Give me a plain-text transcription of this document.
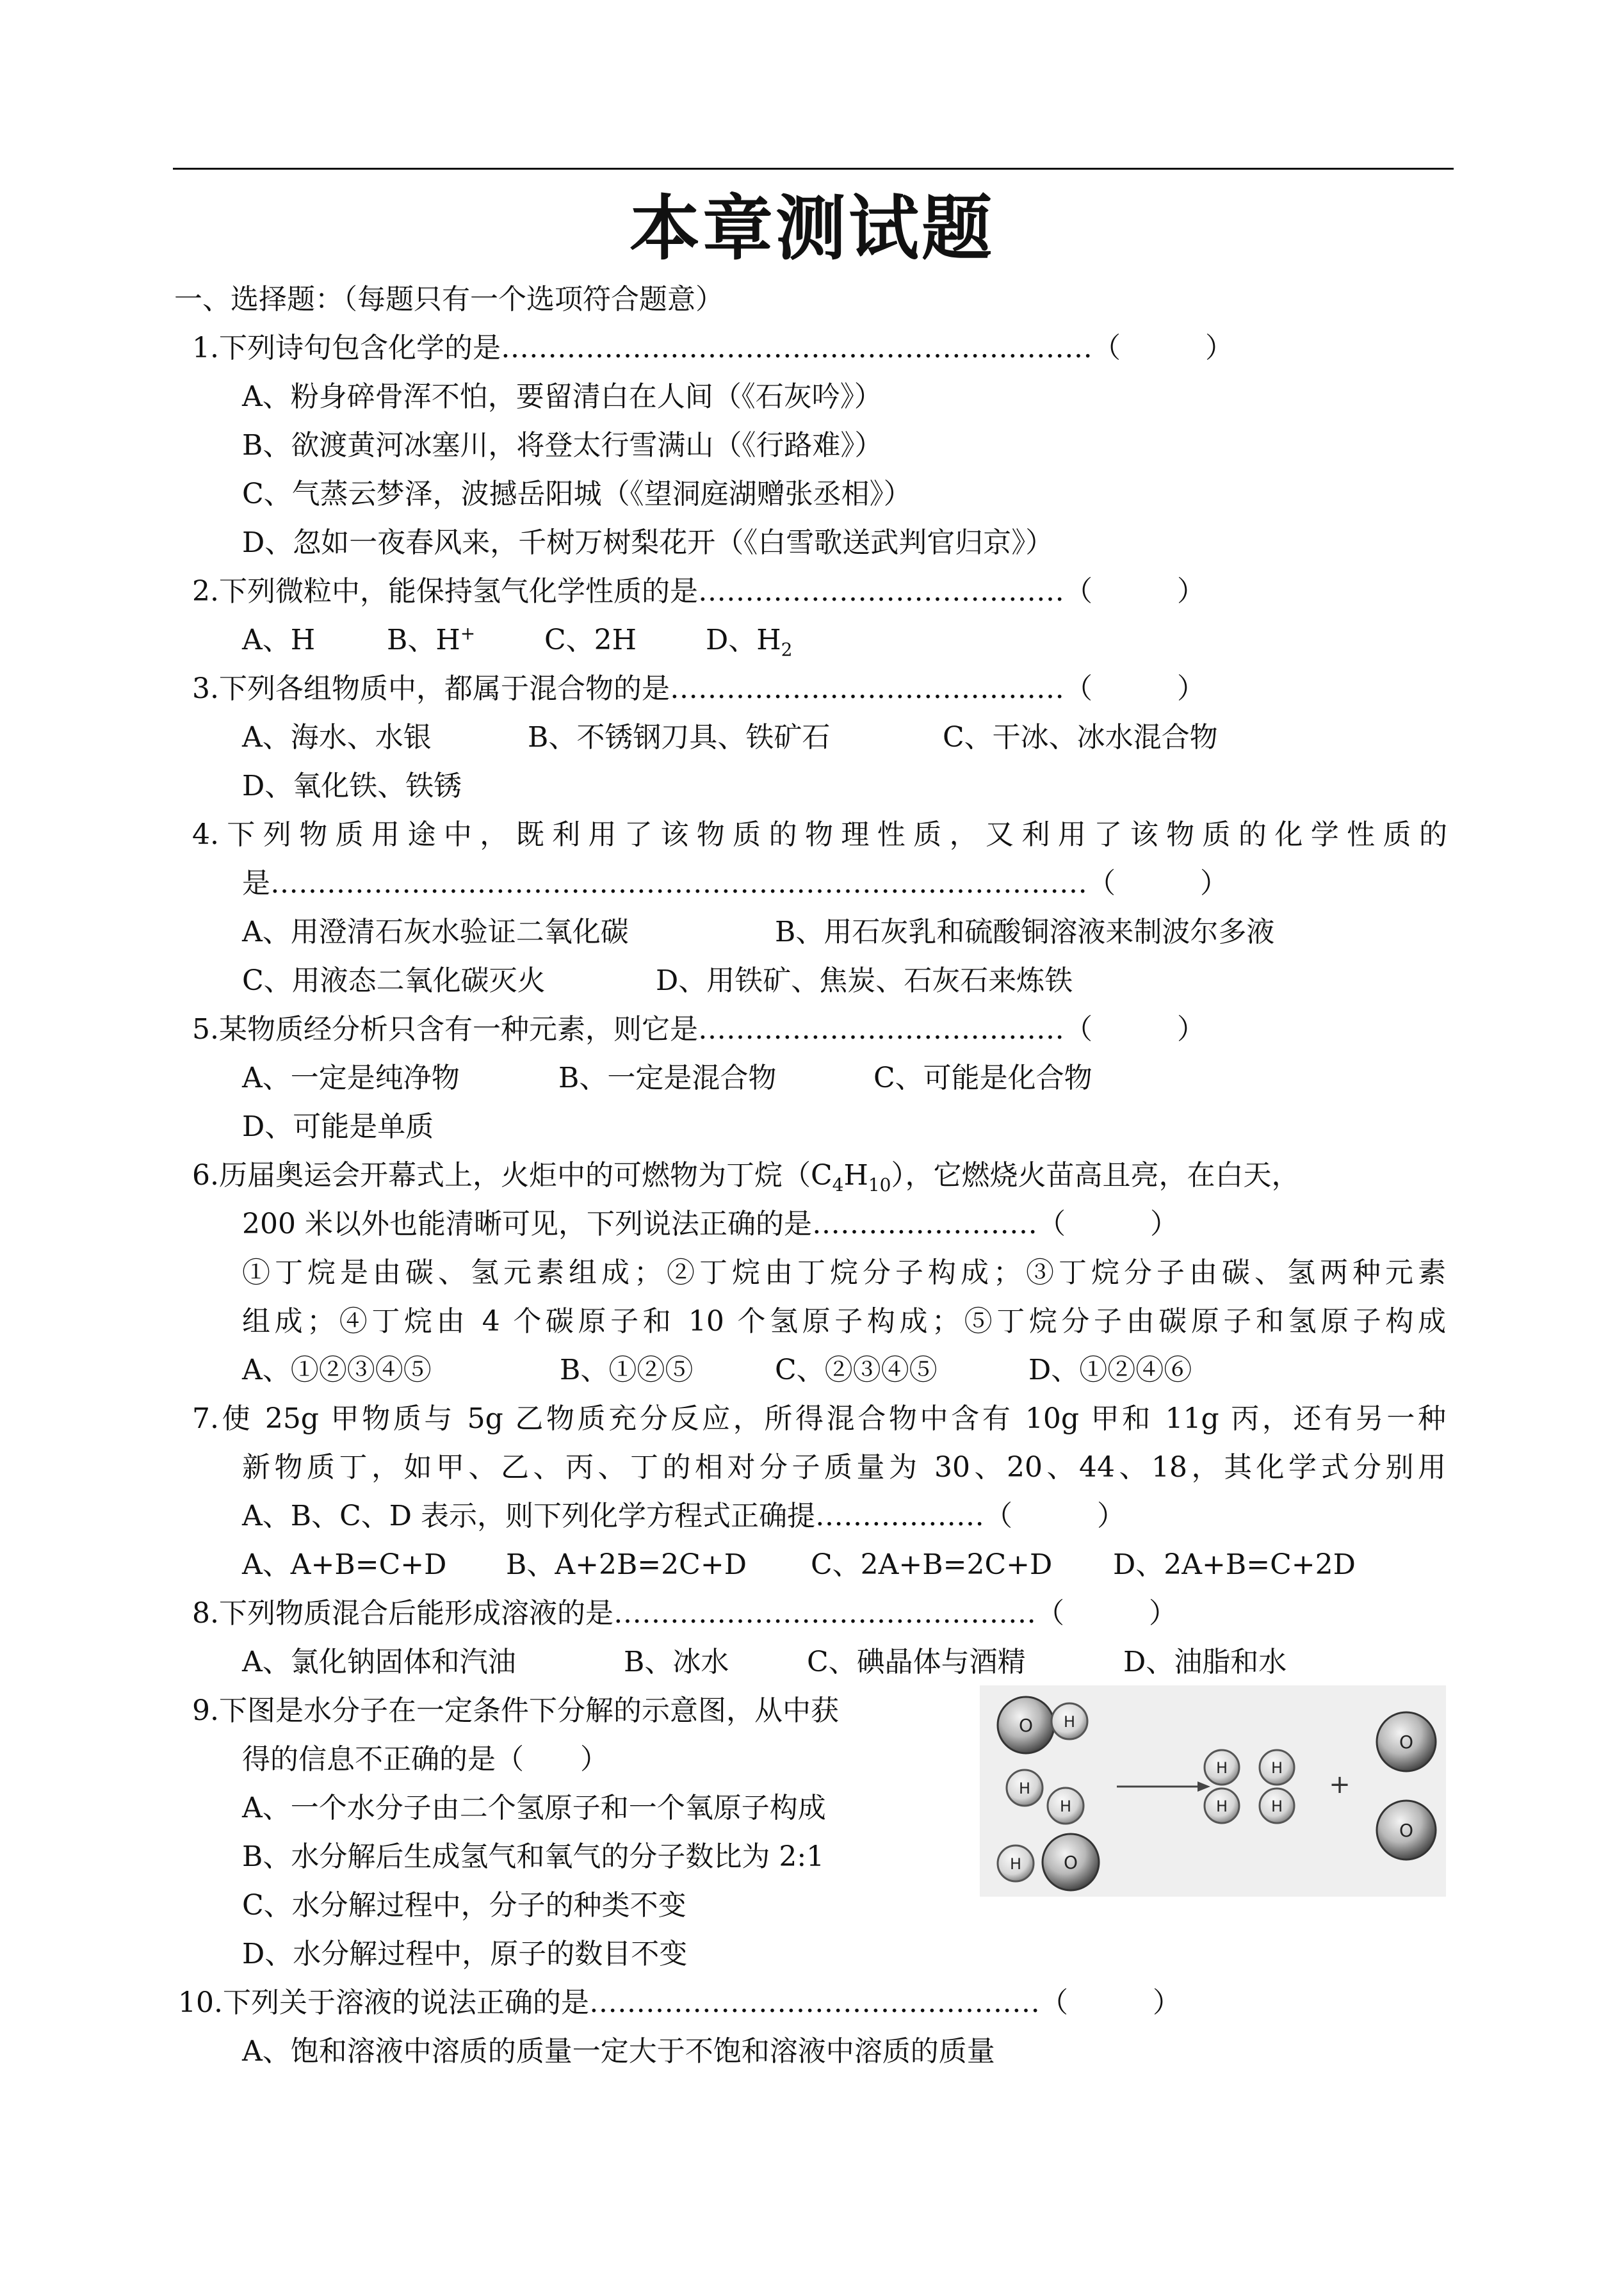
本章测试题
一、选择题：（每题只有一个选项符合题意）
1.下列诗句包含化学的是………………………………………………………（　　　）
A、粉身碎骨浑不怕，要留清白在人间（《石灰吟》）
B、欲渡黄河冰塞川，将登太行雪满山（《行路难》）
C、气蒸云梦泽，波撼岳阳城（《望洞庭湖赠张丞相》）
D、忽如一夜春风来，千树万树梨花开（《白雪歌送武判官归京》）
2.下列微粒中，能保持氢气化学性质的是…………………………………（　　　）
A、H	B、H+ C、2H D、$H_2$
3.下列各组物质中，都属于混合物的是……………………………………（　　　）
A、海水、水银	B、不锈钢刀具、铁矿石	C、干冰、冰水混合物
D、氧化铁、铁锈
4.下列物质用途中，既利用了该物质的物理性质，又利用了该物质的化学性质的
是……………………………………………………………………………（　　　）
A、用澄清石灰水验证二氧化碳	B、用石灰乳和硫酸铜溶液来制波尔多液
C、用液态二氧化碳灭火	D、用铁矿、焦炭、石灰石来炼铁
5.某物质经分析只含有一种元素，则它是…………………………………（　　　）
A、一定是纯净物	B、一定是混合物	C、可能是化合物
D、可能是单质
6.历届奥运会开幕式上，火炬中的可燃物为丁烷$(C_4H_{10})$，它燃烧火苗高且亮，在白天，
200 米以外也能清晰可见，下列说法正确的是……………………（　　　）
①丁烷是由碳、氢元素组成；②丁烷由丁烷分子构成；③丁烷分子由碳、氢两种元素
组成；④丁烷由 4 个碳原子和 10 个氢原子构成；⑤丁烷分子由碳原子和氢原子构成
A、①②③④⑤	B、①②⑤	C、②③④⑤	D、①②④⑥
7.使 25g 甲物质与 5g 乙物质充分反应，所得混合物中含有 10g 甲和 11g 丙，还有另一种
新物质丁，如甲、乙、丙、丁的相对分子质量为 30、20、44、18，其化学式分别用
A、B、C、D 表示，则下列化学方程式正确提………………（　　　）
A、A+B=C+D B、A+2B=2C+D C、2A+B=2C+D D、2A+B=C+2D
8.下列物质混合后能形成溶液的是………………………………………（　　　）
A、氯化钠固体和汽油	B、冰水	C、碘晶体与酒精	D、油脂和水
9.下图是水分子在一定条件下分解的示意图，从中获
得的信息不正确的是（　　）
A、一个水分子由二个氢原子和一个氧原子构成
B、水分解后生成氢气和氧气的分子数比为 2:1
C、水分解过程中，分子的种类不变
D、水分解过程中，原子的数目不变
O H
H
H
H O
H
H
H
H
+
O
O
10.下列关于溶液的说法正确的是…………………………………………（　　　）
A、饱和溶液中溶质的质量一定大于不饱和溶液中溶质的质量
